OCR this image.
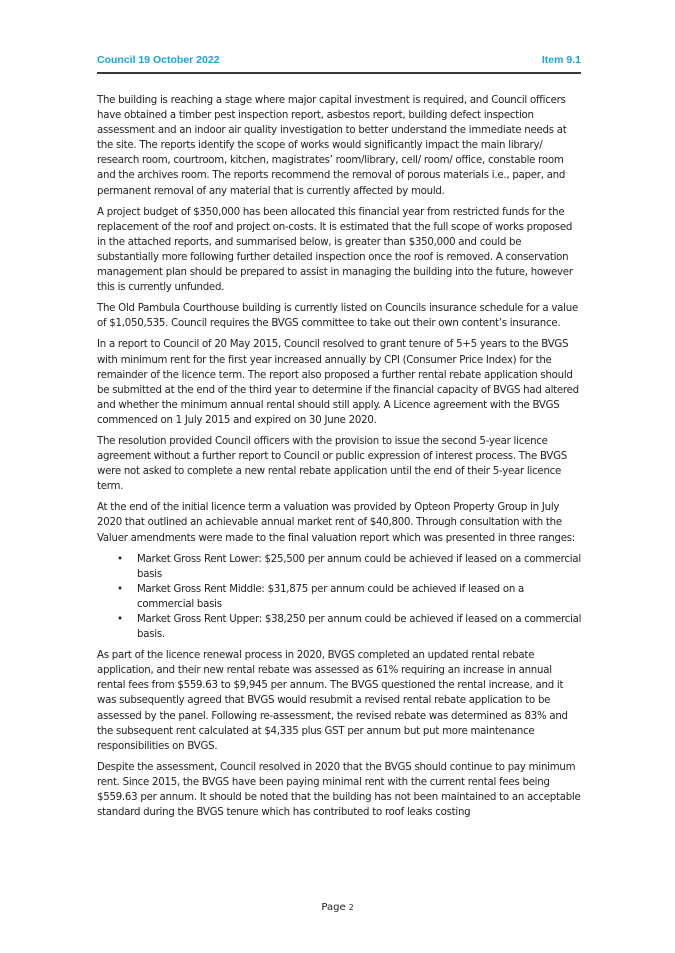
Council 19 October 2022	Item 9.1

The building is reaching a stage where major capital investment is required, and Council officers have obtained a timber pest inspection report, asbestos report, building defect inspection assessment and an indoor air quality investigation to better understand the immediate needs at the site. The reports identify the scope of works would significantly impact the main library/ research room, courtroom, kitchen, magistrates’ room/library, cell/ room/ office, constable room and the archives room. The reports recommend the removal of porous materials i.e., paper, and permanent removal of any material that is currently affected by mould.

A project budget of $350,000 has been allocated this financial year from restricted funds for the replacement of the roof and project on-costs. It is estimated that the full scope of works proposed in the attached reports, and summarised below, is greater than $350,000 and could be substantially more following further detailed inspection once the roof is removed. A conservation management plan should be prepared to assist in managing the building into the future, however this is currently unfunded.

The Old Pambula Courthouse building is currently listed on Councils insurance schedule for a value of $1,050,535. Council requires the BVGS committee to take out their own content’s insurance.

In a report to Council of 20 May 2015, Council resolved to grant tenure of 5+5 years to the BVGS with minimum rent for the first year increased annually by CPI (Consumer Price Index) for the remainder of the licence term. The report also proposed a further rental rebate application should be submitted at the end of the third year to determine if the financial capacity of BVGS had altered and whether the minimum annual rental should still apply. A Licence agreement with the BVGS commenced on 1 July 2015 and expired on 30 June 2020.

The resolution provided Council officers with the provision to issue the second 5-year licence agreement without a further report to Council or public expression of interest process. The BVGS were not asked to complete a new rental rebate application until the end of their 5-year licence term.

At the end of the initial licence term a valuation was provided by Opteon Property Group in July 2020 that outlined an achievable annual market rent of $40,800. Through consultation with the Valuer amendments were made to the final valuation report which was presented in three ranges:

• Market Gross Rent Lower: $25,500 per annum could be achieved if leased on a commercial basis
• Market Gross Rent Middle: $31,875 per annum could be achieved if leased on a commercial basis
• Market Gross Rent Upper: $38,250 per annum could be achieved if leased on a commercial basis.

As part of the licence renewal process in 2020, BVGS completed an updated rental rebate application, and their new rental rebate was assessed as 61% requiring an increase in annual rental fees from $559.63 to $9,945 per annum. The BVGS questioned the rental increase, and it was subsequently agreed that BVGS would resubmit a revised rental rebate application to be assessed by the panel. Following re-assessment, the revised rebate was determined as 83% and the subsequent rent calculated at $4,335 plus GST per annum but put more maintenance responsibilities on BVGS.

Despite the assessment, Council resolved in 2020 that the BVGS should continue to pay minimum rent. Since 2015, the BVGS have been paying minimal rent with the current rental fees being $559.63 per annum. It should be noted that the building has not been maintained to an acceptable standard during the BVGS tenure which has contributed to roof leaks costing

Page 2
